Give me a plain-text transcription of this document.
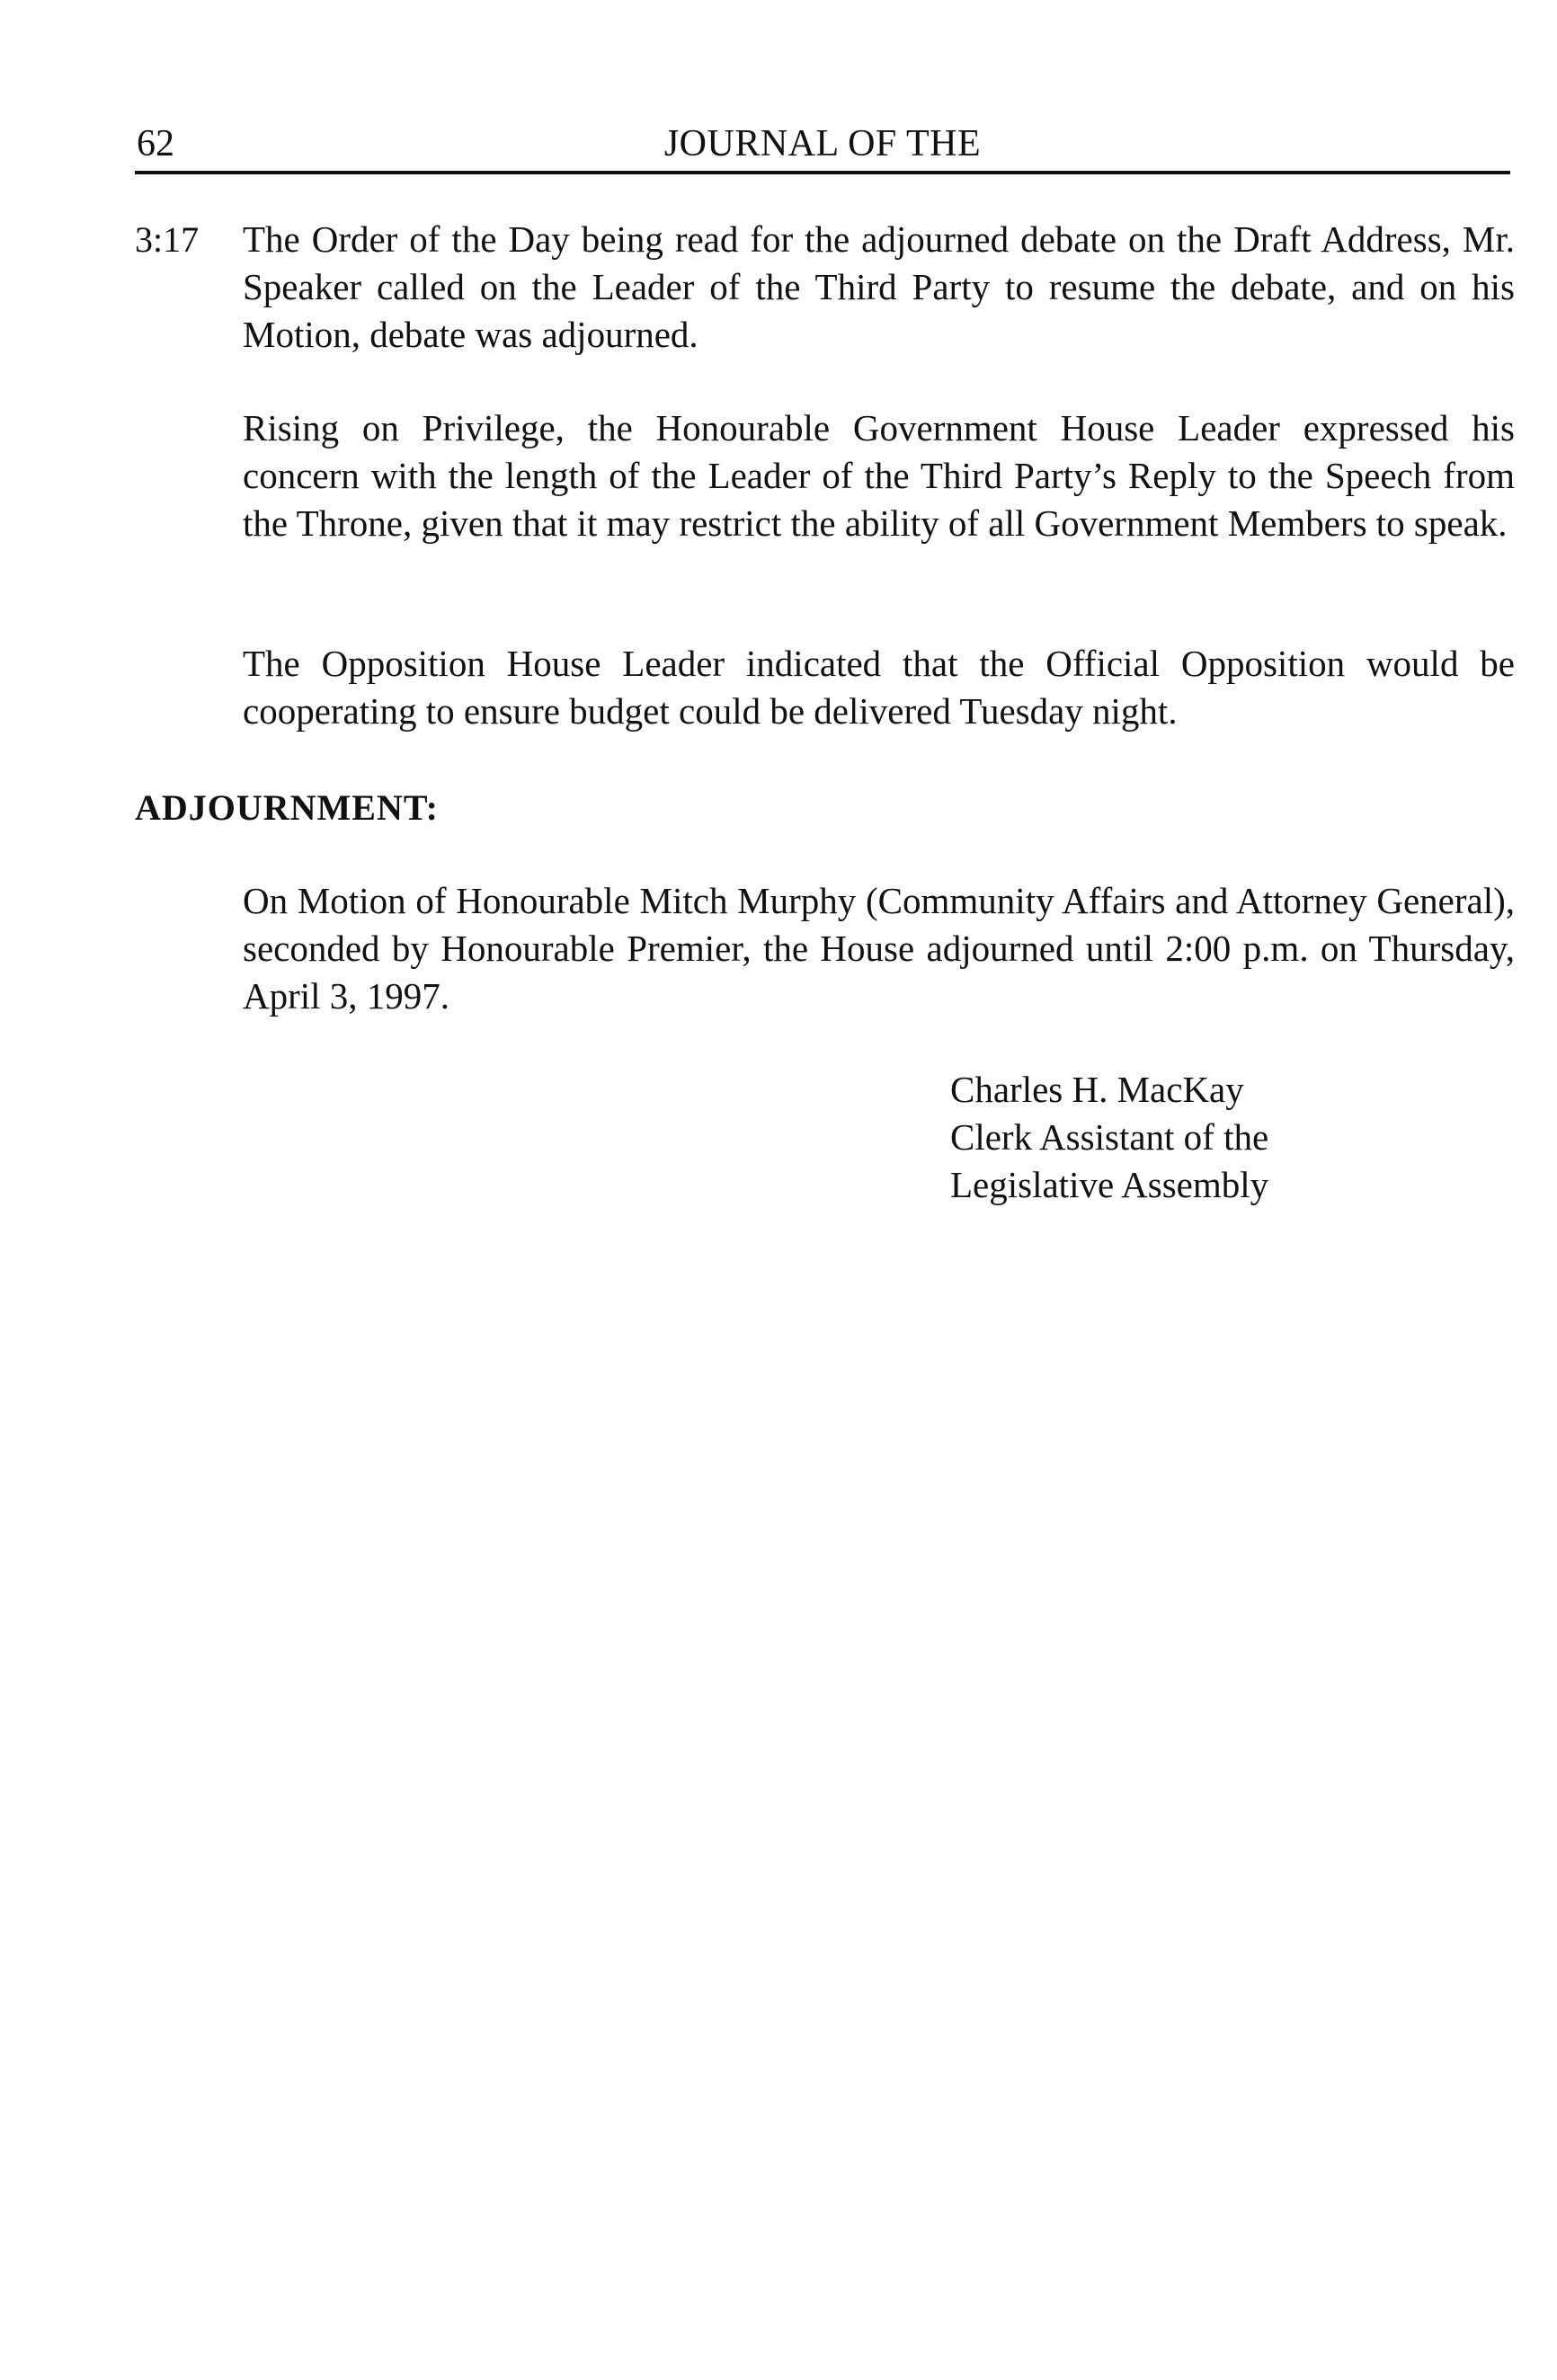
62	JOURNAL OF THE
3:17 The Order of the Day being read for the adjourned debate on the Draft Address, Mr. Speaker called on the Leader of the Third Party to resume the debate, and on his Motion, debate was adjourned.

Rising on Privilege, the Honourable Government House Leader expressed his concern with the length of the Leader of the Third Party’s Reply to the Speech from the Throne, given that it may restrict the ability of all Government Members to speak.

The Opposition House Leader indicated that the Official Opposition would be cooperating to ensure budget could be delivered Tuesday night.

ADJOURNMENT:

On Motion of Honourable Mitch Murphy (Community Affairs and Attorney General), seconded by Honourable Premier, the House adjourned until 2:00 p.m. on Thursday, April 3, 1997.

Charles H. MacKay
Clerk Assistant of the
Legislative Assembly
